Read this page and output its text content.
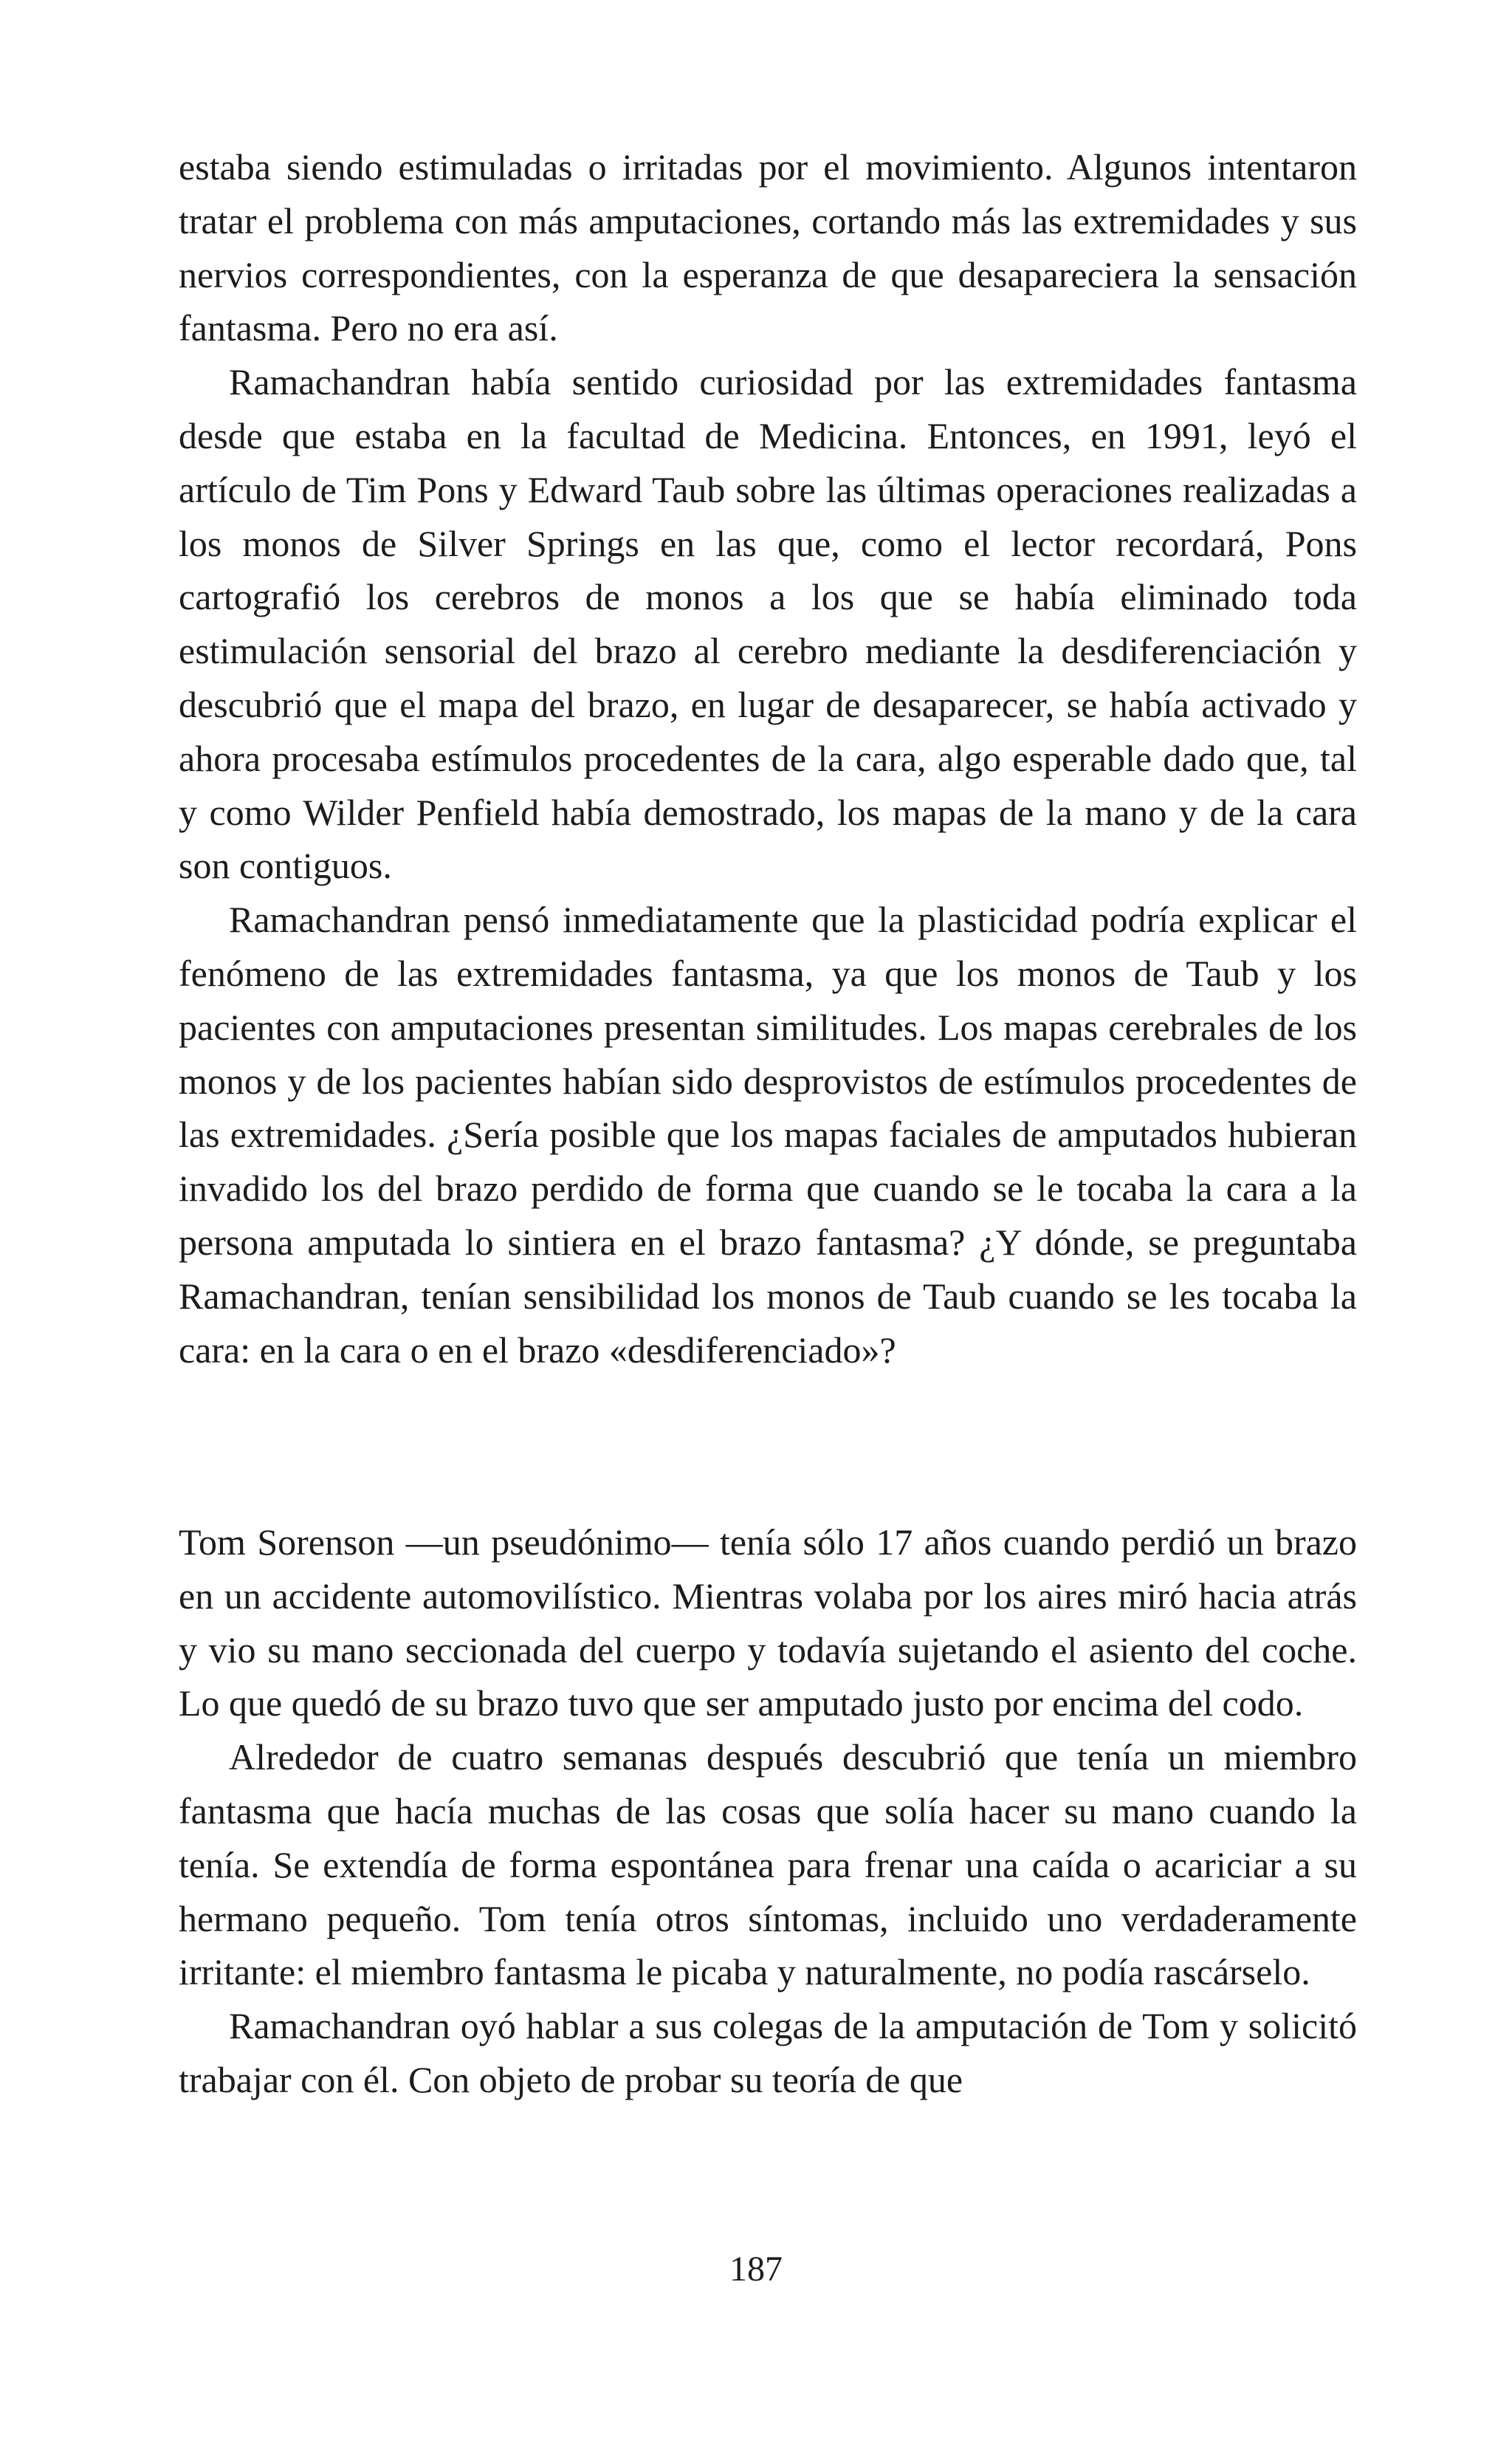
estaba siendo estimuladas o irritadas por el movimiento. Algunos intentaron tratar el problema con más amputaciones, cortando más las extremidades y sus nervios correspondientes, con la esperanza de que desapareciera la sensación fantasma. Pero no era así.

Ramachandran había sentido curiosidad por las extremidades fantasma desde que estaba en la facultad de Medicina. Entonces, en 1991, leyó el artículo de Tim Pons y Edward Taub sobre las últimas operaciones realizadas a los monos de Silver Springs en las que, como el lector recordará, Pons cartografió los cerebros de monos a los que se había eliminado toda estimulación sensorial del brazo al cerebro mediante la desdiferenciación y descubrió que el mapa del brazo, en lugar de desaparecer, se había activado y ahora procesaba estímulos procedentes de la cara, algo esperable dado que, tal y como Wilder Penfield había demostrado, los mapas de la mano y de la cara son contiguos.

Ramachandran pensó inmediatamente que la plasticidad podría explicar el fenómeno de las extremidades fantasma, ya que los monos de Taub y los pacientes con amputaciones presentan similitudes. Los mapas cerebrales de los monos y de los pacientes habían sido desprovistos de estímulos procedentes de las extremidades. ¿Sería posible que los mapas faciales de amputados hubieran invadido los del brazo perdido de forma que cuando se le tocaba la cara a la persona amputada lo sintiera en el brazo fantasma? ¿Y dónde, se preguntaba Ramachandran, tenían sensibilidad los monos de Taub cuando se les tocaba la cara: en la cara o en el brazo «desdiferenciado»?

Tom Sorenson —un pseudónimo— tenía sólo 17 años cuando perdió un brazo en un accidente automovilístico. Mientras volaba por los aires miró hacia atrás y vio su mano seccionada del cuerpo y todavía sujetando el asiento del coche. Lo que quedó de su brazo tuvo que ser amputado justo por encima del codo.

Alrededor de cuatro semanas después descubrió que tenía un miembro fantasma que hacía muchas de las cosas que solía hacer su mano cuando la tenía. Se extendía de forma espontánea para frenar una caída o acariciar a su hermano pequeño. Tom tenía otros síntomas, incluido uno verdaderamente irritante: el miembro fantasma le picaba y naturalmente, no podía rascárselo.

Ramachandran oyó hablar a sus colegas de la amputación de Tom y solicitó trabajar con él. Con objeto de probar su teoría de que

187
